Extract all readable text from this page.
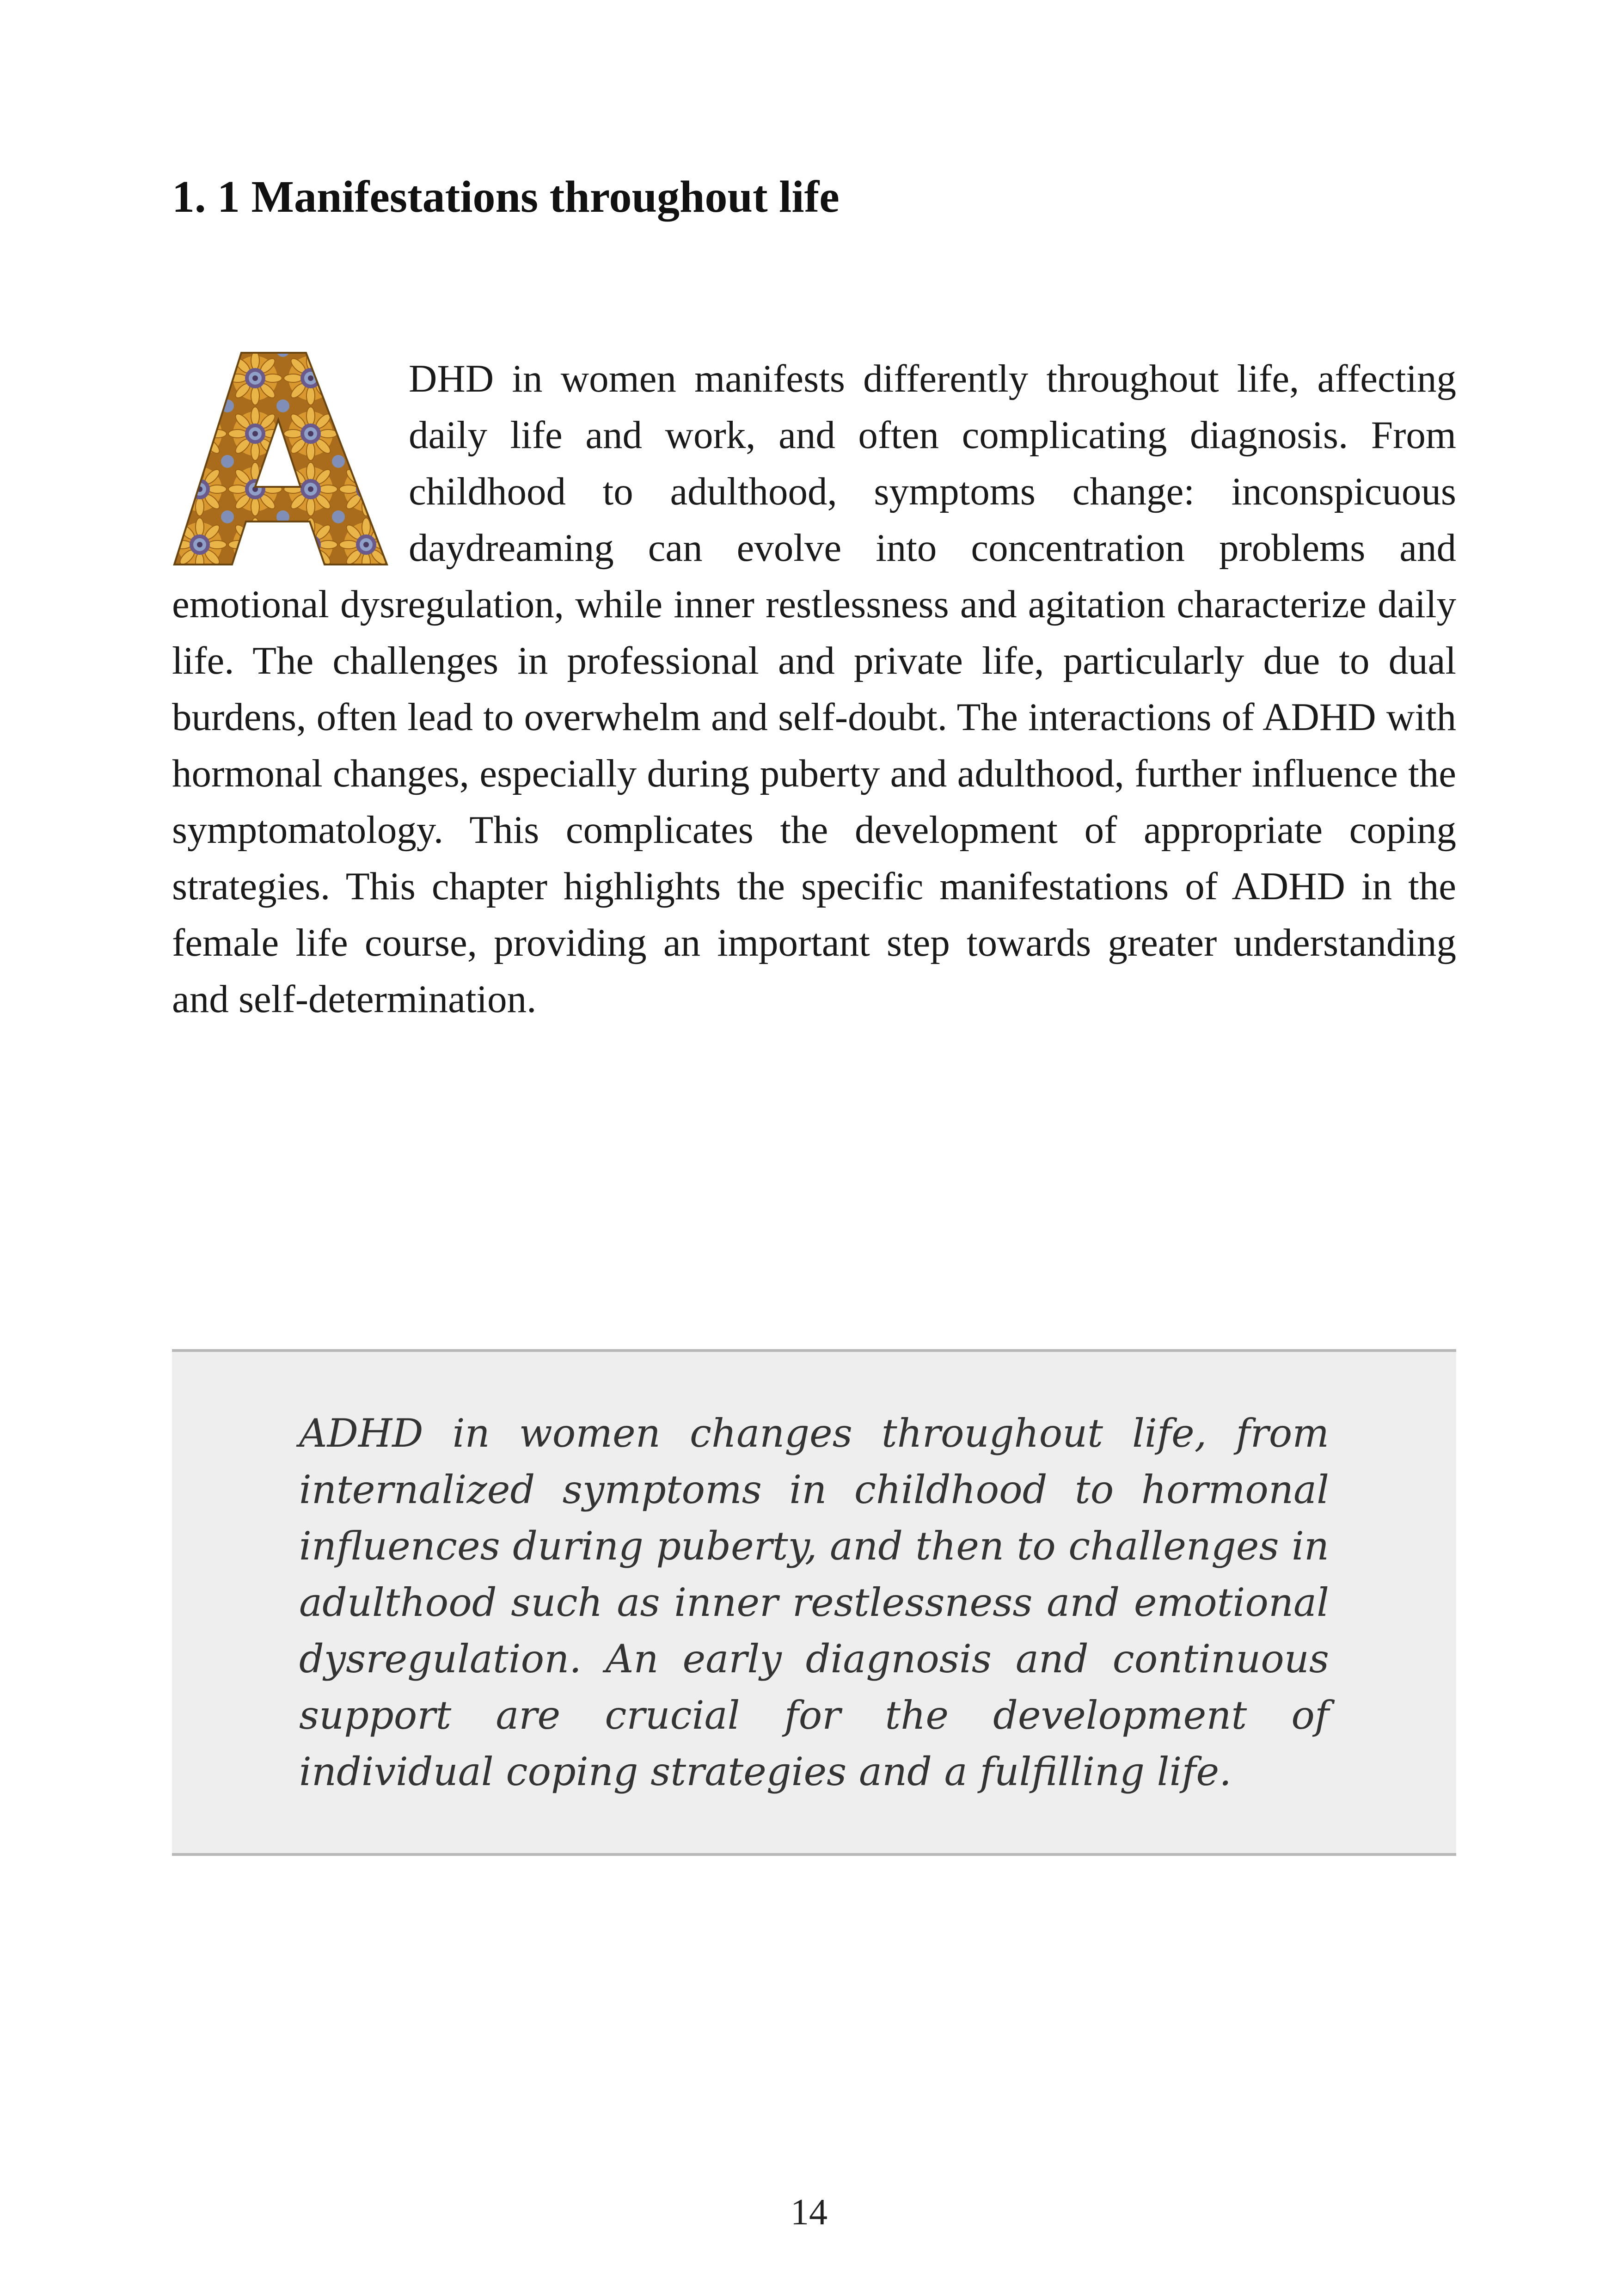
1. 1 Manifestations throughout life
DHD in women manifests differently throughout life, affecting daily life and work, and often complicating diagnosis. From childhood to adulthood, symptoms change: inconspicuous daydreaming can evolve into concentration problems and emotional dysregulation, while inner restlessness and agitation characterize daily life. The challenges in professional and private life, particularly due to dual burdens, often lead to overwhelm and self-doubt. The interactions of ADHD with hormonal changes, especially during puberty and adulthood, further influence the symptomatology. This complicates the development of appropriate coping strategies. This chapter highlights the specific manifestations of ADHD in the female life course, providing an important step towards greater understanding and self-determination.

ADHD in women changes throughout life, from internalized symptoms in childhood to hormonal influences during puberty, and then to challenges in adulthood such as inner restlessness and emotional dysregulation. An early diagnosis and continuous support are crucial for the development of individual coping strategies and a fulfilling life.

14
